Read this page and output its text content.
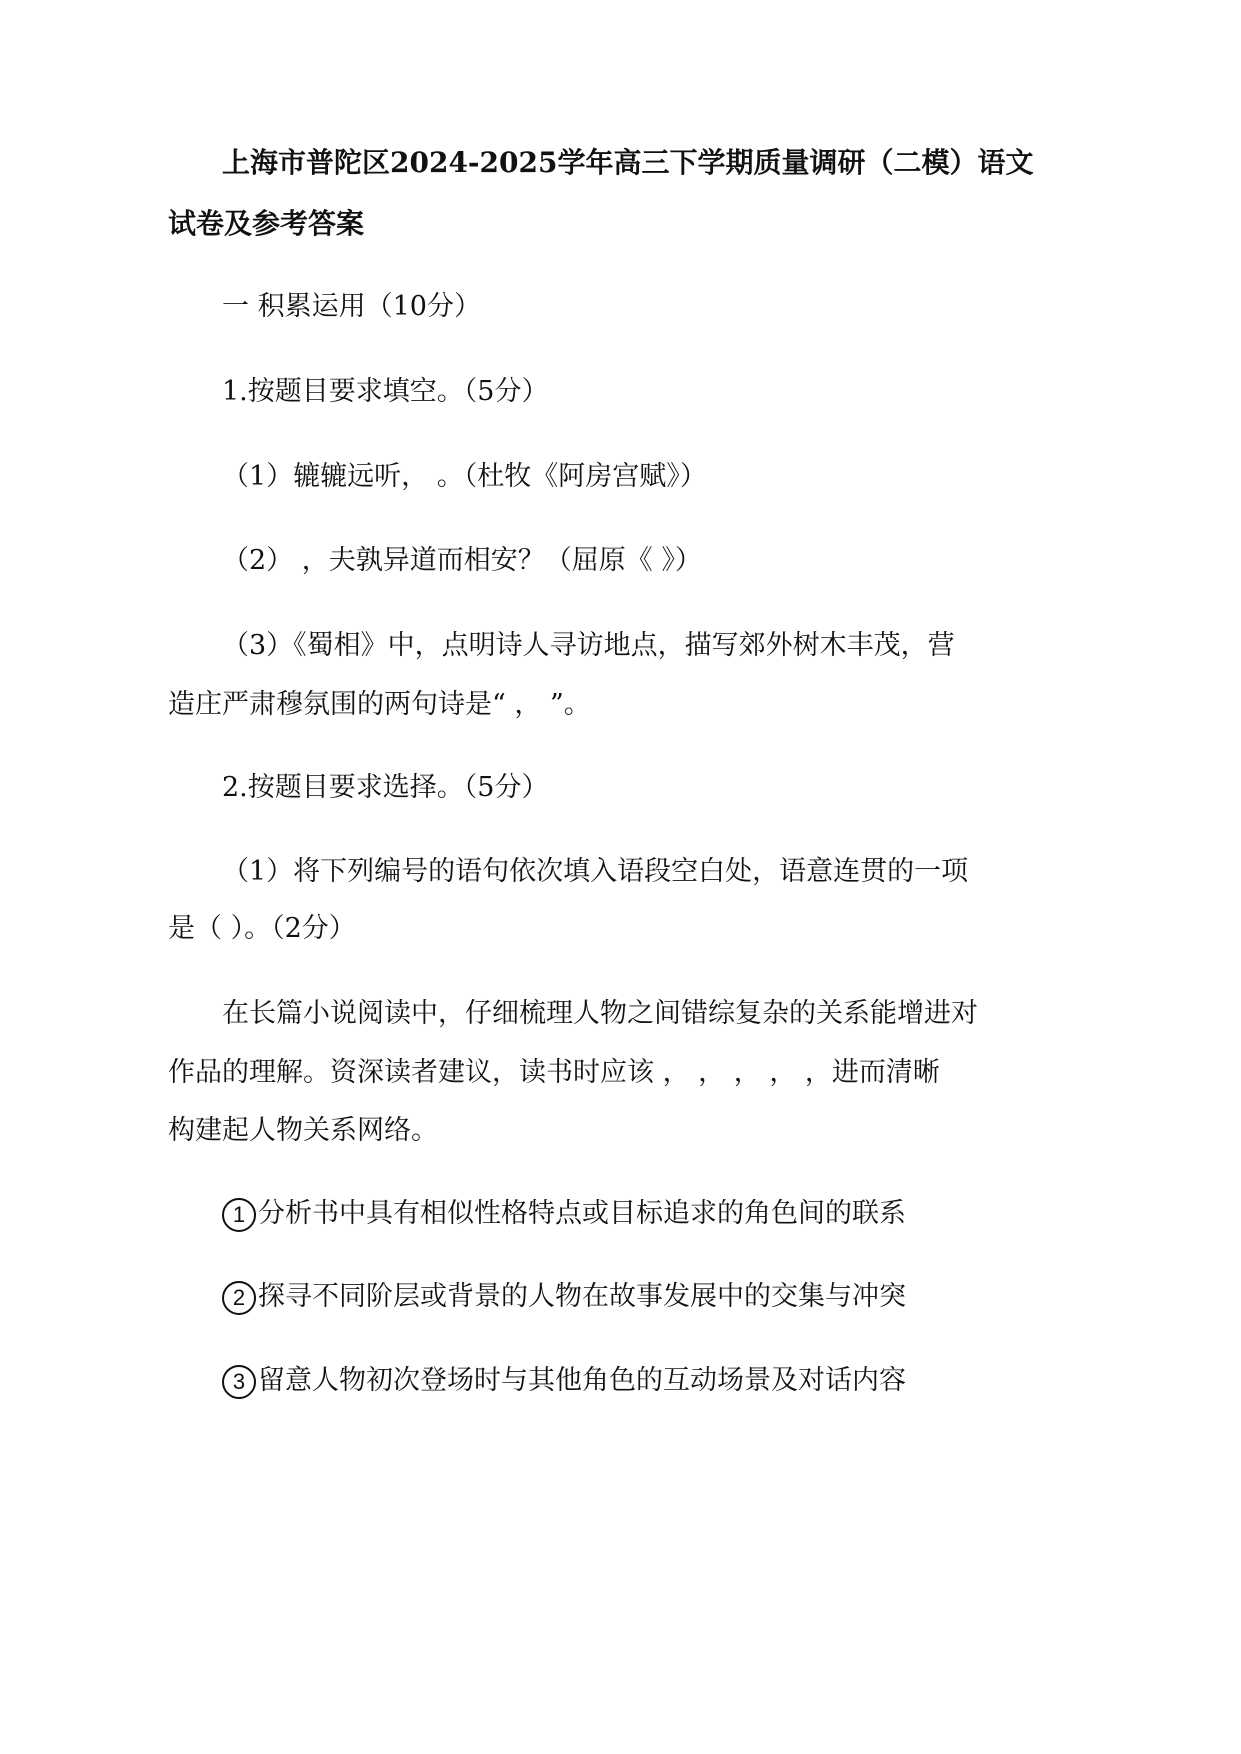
上海市普陀区2024-2025学年高三下学期质量调研（二模）语文
试卷及参考答案
一 积累运用（10分）
1.按题目要求填空。（5分）
（1）辘辘远听， 。（杜牧《阿房宫赋》）
（2） ，夫孰异道而相安？（屈原《 》）
（3）《蜀相》中，点明诗人寻访地点，描写郊外树木丰茂，营
造庄严肃穆氛围的两句诗是“ ， ”。
2.按题目要求选择。（5分）
（1）将下列编号的语句依次填入语段空白处，语意连贯的一项
是（ ）。（2分）
在长篇小说阅读中，仔细梳理人物之间错综复杂的关系能增进对
作品的理解。资深读者建议，读书时应该 ， ， ， ， ，进而清晰
构建起人物关系网络。
1 分析书中具有相似性格特点或目标追求的角色间的联系
2 探寻不同阶层或背景的人物在故事发展中的交集与冲突
3 留意人物初次登场时与其他角色的互动场景及对话内容
